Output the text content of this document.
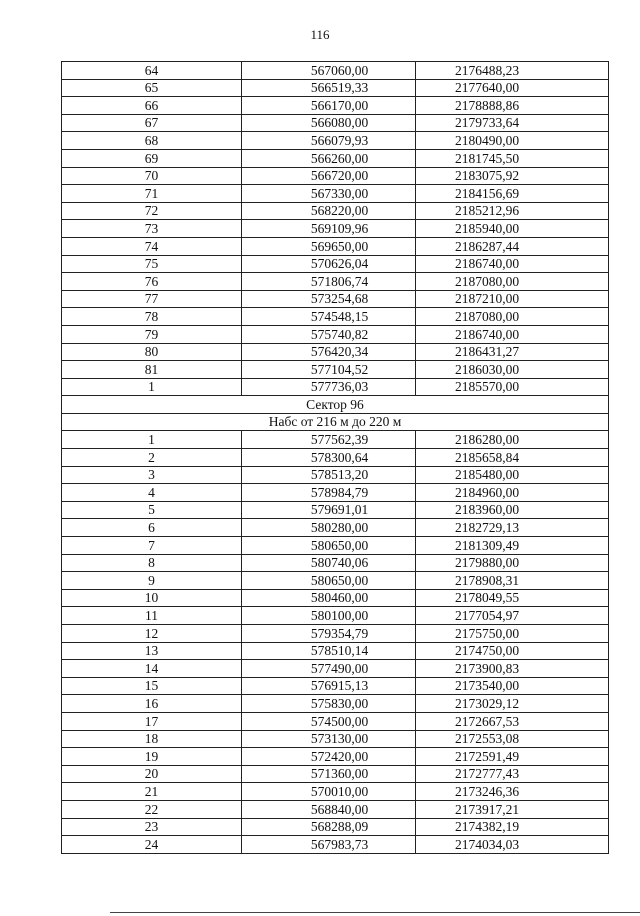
116
64	567060,00	2176488,23
65	566519,33	2177640,00
66	566170,00	2178888,86
67	566080,00	2179733,64
68	566079,93	2180490,00
69	566260,00	2181745,50
70	566720,00	2183075,92
71	567330,00	2184156,69
72	568220,00	2185212,96
73	569109,96	2185940,00
74	569650,00	2186287,44
75	570626,04	2186740,00
76	571806,74	2187080,00
77	573254,68	2187210,00
78	574548,15	2187080,00
79	575740,82	2186740,00
80	576420,34	2186431,27
81	577104,52	2186030,00
1	577736,03	2185570,00
Сектор 96		
Набс от 216 м до 220 м		
1	577562,39	2186280,00
2	578300,64	2185658,84
3	578513,20	2185480,00
4	578984,79	2184960,00
5	579691,01	2183960,00
6	580280,00	2182729,13
7	580650,00	2181309,49
8	580740,06	2179880,00
9	580650,00	2178908,31
10	580460,00	2178049,55
11	580100,00	2177054,97
12	579354,79	2175750,00
13	578510,14	2174750,00
14	577490,00	2173900,83
15	576915,13	2173540,00
16	575830,00	2173029,12
17	574500,00	2172667,53
18	573130,00	2172553,08
19	572420,00	2172591,49
20	571360,00	2172777,43
21	570010,00	2173246,36
22	568840,00	2173917,21
23	568288,09	2174382,19
24	567983,73	2174034,03
